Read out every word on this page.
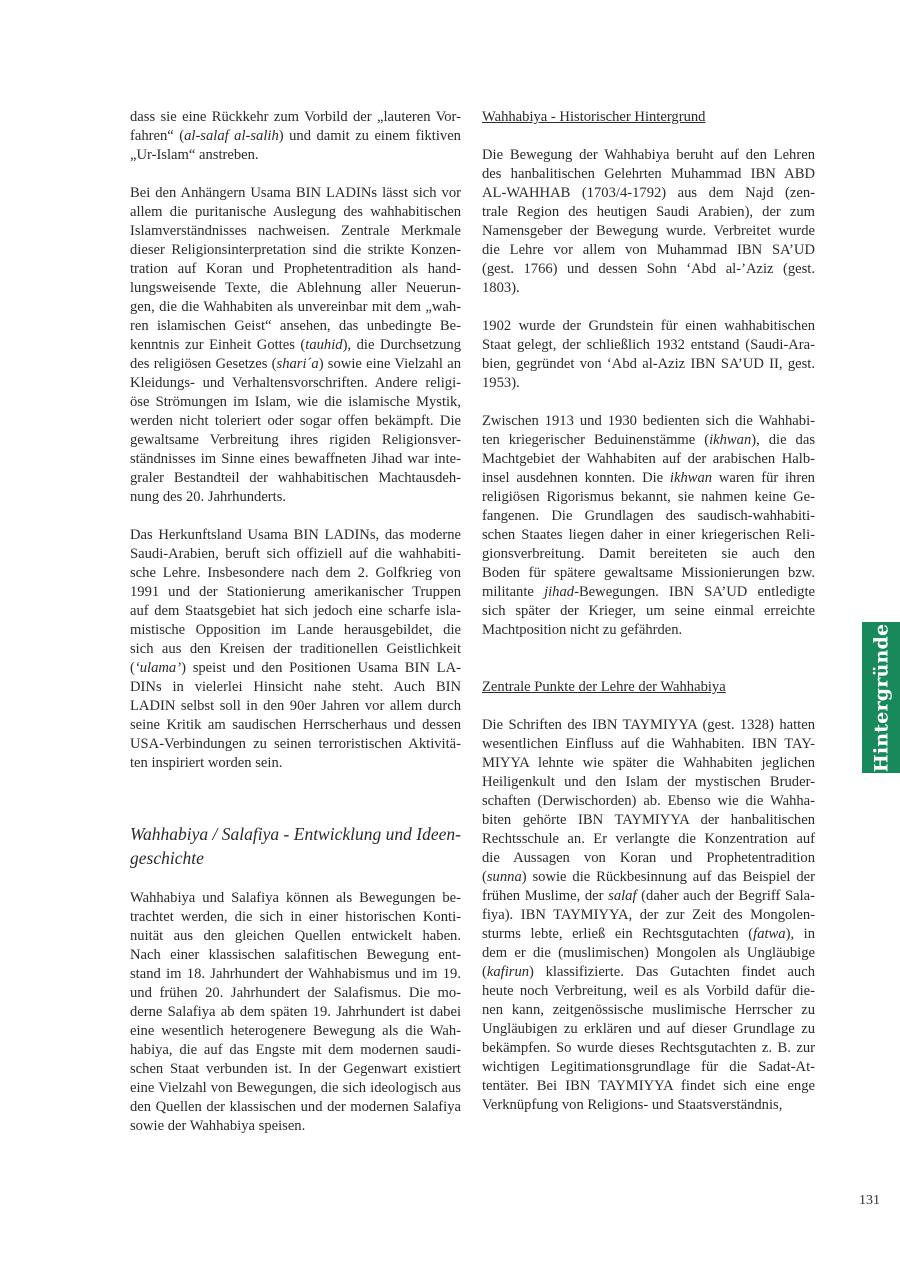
dass sie eine Rückkehr zum Vorbild der „lauteren Vor-
fahren“ (al-salaf al-salih) und damit zu einem fiktiven
„Ur-Islam“ anstreben.
Bei den Anhängern Usama BIN LADINs lässt sich vor
allem die puritanische Auslegung des wahhabitischen
Islamverständnisses nachweisen. Zentrale Merkmale
dieser Religionsinterpretation sind die strikte Konzen-
tration auf Koran und Prophetentradition als hand-
lungsweisende Texte, die Ablehnung aller Neuerun-
gen, die die Wahhabiten als unvereinbar mit dem „wah-
ren islamischen Geist“ ansehen, das unbedingte Be-
kenntnis zur Einheit Gottes (tauhid), die Durchsetzung
des religiösen Gesetzes (shari´a) sowie eine Vielzahl an
Kleidungs- und Verhaltensvorschriften. Andere religi-
öse Strömungen im Islam, wie die islamische Mystik,
werden nicht toleriert oder sogar offen bekämpft. Die
gewaltsame Verbreitung ihres rigiden Religionsver-
ständnisses im Sinne eines bewaffneten Jihad war inte-
graler Bestandteil der wahhabitischen Machtausdeh-
nung des 20. Jahrhunderts.
Das Herkunftsland Usama BIN LADINs, das moderne
Saudi-Arabien, beruft sich offiziell auf die wahhabiti-
sche Lehre. Insbesondere nach dem 2. Golfkrieg von
1991 und der Stationierung amerikanischer Truppen
auf dem Staatsgebiet hat sich jedoch eine scharfe isla-
mistische Opposition im Lande herausgebildet, die
sich aus den Kreisen der traditionellen Geistlichkeit
(‘ulama’) speist und den Positionen Usama BIN LA-
DINs in vielerlei Hinsicht nahe steht. Auch BIN
LADIN selbst soll in den 90er Jahren vor allem durch
seine Kritik am saudischen Herrscherhaus und dessen
USA-Verbindungen zu seinen terroristischen Aktivitä-
ten inspiriert worden sein.
Wahhabiya / Salafiya - Entwicklung und Ideen-
geschichte
Wahhabiya und Salafiya können als Bewegungen be-
trachtet werden, die sich in einer historischen Konti-
nuität aus den gleichen Quellen entwickelt haben.
Nach einer klassischen salafitischen Bewegung ent-
stand im 18. Jahrhundert der Wahhabismus und im 19.
und frühen 20. Jahrhundert der Salafismus. Die mo-
derne Salafiya ab dem späten 19. Jahrhundert ist dabei
eine wesentlich heterogenere Bewegung als die Wah-
habiya, die auf das Engste mit dem modernen saudi-
schen Staat verbunden ist. In der Gegenwart existiert
eine Vielzahl von Bewegungen, die sich ideologisch aus
den Quellen der klassischen und der modernen Salafiya
sowie der Wahhabiya speisen.
Wahhabiya - Historischer Hintergrund
Die Bewegung der Wahhabiya beruht auf den Lehren
des hanbalitischen Gelehrten Muhammad IBN ABD
AL-WAHHAB (1703/4-1792) aus dem Najd (zen-
trale Region des heutigen Saudi Arabien), der zum
Namensgeber der Bewegung wurde. Verbreitet wurde
die Lehre vor allem von Muhammad IBN SA’UD
(gest. 1766) und dessen Sohn ‘Abd al-’Aziz (gest.
1803).
1902 wurde der Grundstein für einen wahhabitischen
Staat gelegt, der schließlich 1932 entstand (Saudi-Ara-
bien, gegründet von ‘Abd al-Aziz IBN SA’UD II, gest.
1953).
Zwischen 1913 und 1930 bedienten sich die Wahhabi-
ten kriegerischer Beduinenstämme (ikhwan), die das
Machtgebiet der Wahhabiten auf der arabischen Halb-
insel ausdehnen konnten. Die ikhwan waren für ihren
religiösen Rigorismus bekannt, sie nahmen keine Ge-
fangenen. Die Grundlagen des saudisch-wahhabiti-
schen Staates liegen daher in einer kriegerischen Reli-
gionsverbreitung. Damit bereiteten sie auch den
Boden für spätere gewaltsame Missionierungen bzw.
militante jihad-Bewegungen. IBN SA’UD entledigte
sich später der Krieger, um seine einmal erreichte
Machtposition nicht zu gefährden.
Zentrale Punkte der Lehre der Wahhabiya
Die Schriften des IBN TAYMIYYA (gest. 1328) hatten
wesentlichen Einfluss auf die Wahhabiten. IBN TAY-
MIYYA lehnte wie später die Wahhabiten jeglichen
Heiligenkult und den Islam der mystischen Bruder-
schaften (Derwischorden) ab. Ebenso wie die Wahha-
biten gehörte IBN TAYMIYYA der hanbalitischen
Rechtsschule an. Er verlangte die Konzentration auf
die Aussagen von Koran und Prophetentradition
(sunna) sowie die Rückbesinnung auf das Beispiel der
frühen Muslime, der salaf (daher auch der Begriff Sala-
fiya). IBN TAYMIYYA, der zur Zeit des Mongolen-
sturms lebte, erließ ein Rechtsgutachten (fatwa), in
dem er die (muslimischen) Mongolen als Ungläubige
(kafirun) klassifizierte. Das Gutachten findet auch
heute noch Verbreitung, weil es als Vorbild dafür die-
nen kann, zeitgenössische muslimische Herrscher zu
Ungläubigen zu erklären und auf dieser Grundlage zu
bekämpfen. So wurde dieses Rechtsgutachten z. B. zur
wichtigen Legitimationsgrundlage für die Sadat-At-
tentäter. Bei IBN TAYMIYYA findet sich eine enge
Verknüpfung von Religions- und Staatsverständnis,
Hintergründe
131
